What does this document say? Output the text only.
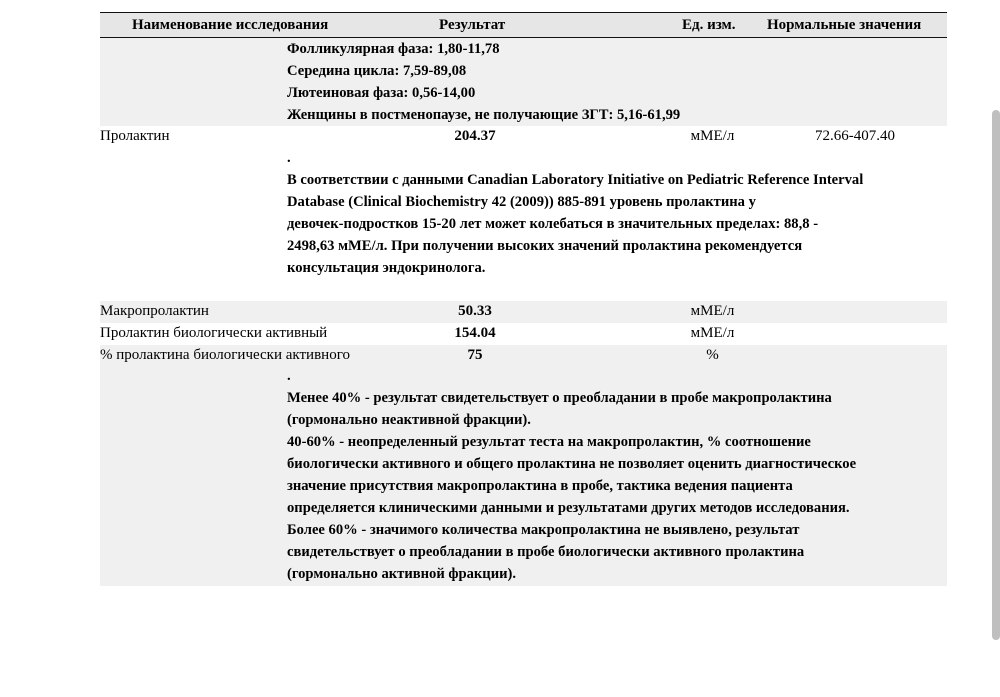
Наименование исследования	Результат	Ед. изм. Нормальные значения
Фолликулярная фаза: 1,80-11,78
Середина цикла: 7,59-89,08
Лютеиновая фаза: 0,56-14,00
Женщины в постменопаузе, не получающие ЗГТ: 5,16-61,99
Пролактин	204.37	мМЕ/л	72.66-407.40
.
В соответствии с данными Canadian Laboratory Initiative on Pediatric Reference Interval
Database (Clinical Biochemistry 42 (2009)) 885-891 уровень пролактина у
девочек-подростков 15-20 лет может колебаться в значительных пределах: 88,8 -
2498,63 мМЕ/л. При получении высоких значений пролактина рекомендуется
консультация эндокринолога.
Макропролактин	50.33	мМЕ/л
Пролактин биологически активный	154.04	мМЕ/л
% пролактина биологически активного	75	%
.
Менее 40% - результат свидетельствует о преобладании в пробе макропролактина
(гормонально неактивной фракции).
40-60% - неопределенный результат теста на макропролактин, % соотношение
биологически активного и общего пролактина не позволяет оценить диагностическое
значение присутствия макропролактина в пробе, тактика ведения пациента
определяется клиническими данными и результатами других методов исследования.
Более 60% - значимого количества макропролактина не выявлено, результат
свидетельствует о преобладании в пробе биологически активного пролактина
(гормонально активной фракции).
